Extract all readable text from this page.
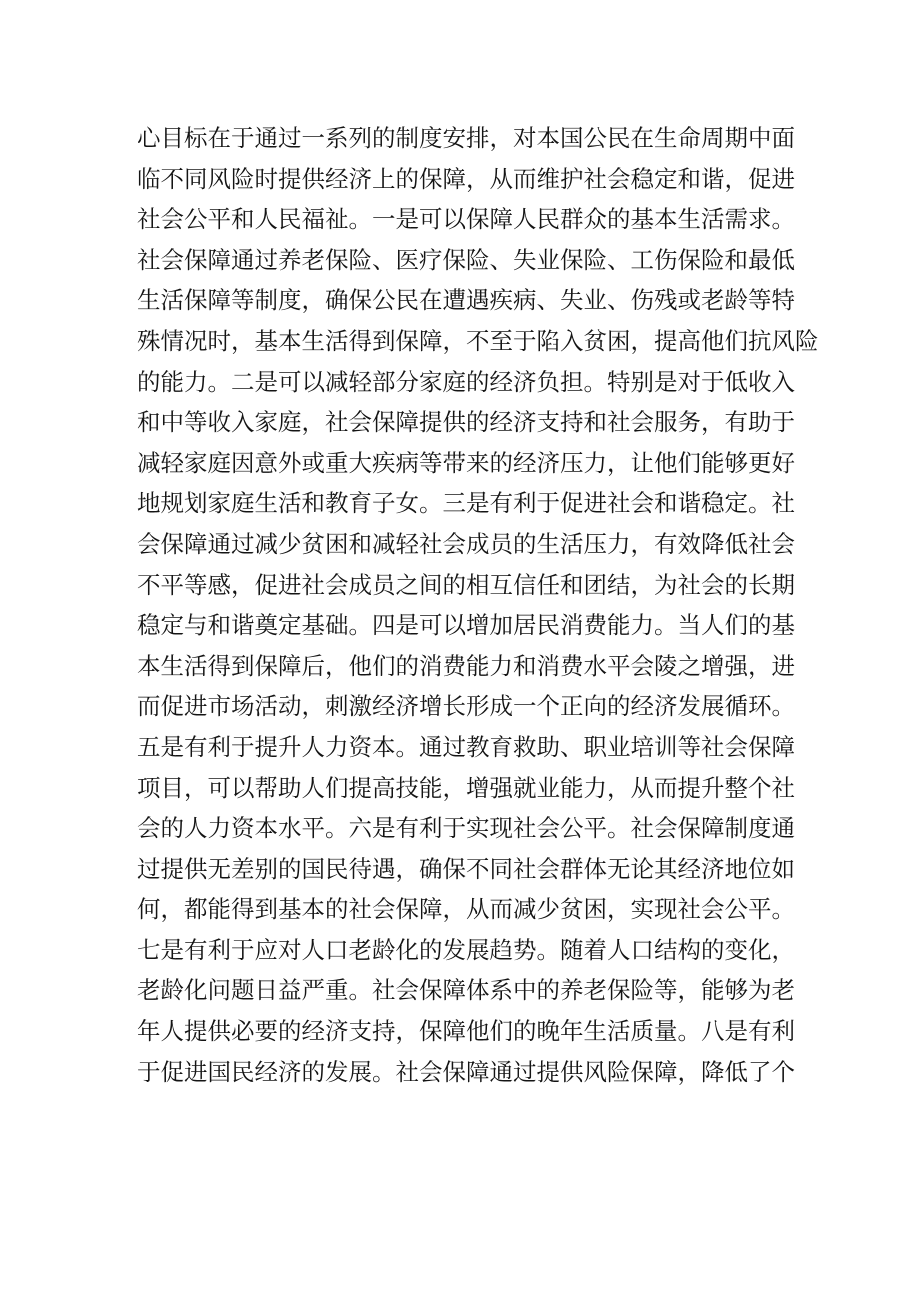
心目标在于通过一系列的制度安排，对本国公民在生命周期中面
临不同风险时提供经济上的保障，从而维护社会稳定和谐，促进
社会公平和人民福祉。一是可以保障人民群众的基本生活需求。
社会保障通过养老保险、医疗保险、失业保险、工伤保险和最低
生活保障等制度，确保公民在遭遇疾病、失业、伤残或老龄等特
殊情况时，基本生活得到保障，不至于陷入贫困，提高他们抗风险
的能力。二是可以减轻部分家庭的经济负担。特别是对于低收入
和中等收入家庭，社会保障提供的经济支持和社会服务，有助于
减轻家庭因意外或重大疾病等带来的经济压力，让他们能够更好
地规划家庭生活和教育子女。三是有利于促进社会和谐稳定。社
会保障通过减少贫困和减轻社会成员的生活压力，有效降低社会
不平等感，促进社会成员之间的相互信任和团结，为社会的长期
稳定与和谐奠定基础。四是可以增加居民消费能力。当人们的基
本生活得到保障后，他们的消费能力和消费水平会陵之增强，进
而促进市场活动，刺激经济增长形成一个正向的经济发展循环。
五是有利于提升人力资本。通过教育救助、职业培训等社会保障
项目，可以帮助人们提高技能，增强就业能力，从而提升整个社
会的人力资本水平。六是有利于实现社会公平。社会保障制度通
过提供无差别的国民待遇，确保不同社会群体无论其经济地位如
何，都能得到基本的社会保障，从而减少贫困，实现社会公平。
七是有利于应对人口老龄化的发展趋势。随着人口结构的变化，
老龄化问题日益严重。社会保障体系中的养老保险等，能够为老
年人提供必要的经济支持，保障他们的晚年生活质量。八是有利
于促进国民经济的发展。社会保障通过提供风险保障，降低了个
